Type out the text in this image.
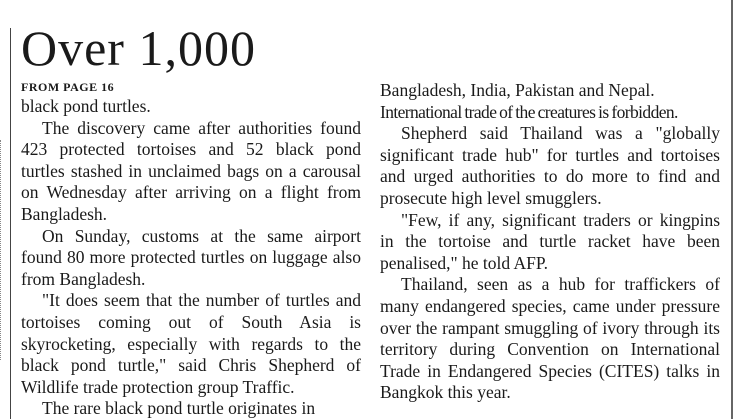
Over 1,000
FROM PAGE 16

black pond turtles.

The discovery came after authorities found 423 protected tortoises and 52 black pond turtles stashed in unclaimed bags on a carousal on Wednesday after arriving on a flight from Bangladesh.

On Sunday, customs at the same airport found 80 more protected turtles on luggage also from Bangladesh.

"It does seem that the number of turtles and tortoises coming out of South Asia is skyrocketing, especially with regards to the black pond turtle," said Chris Shepherd of Wildlife trade protection group Traffic.

The rare black pond turtle originates in

Bangladesh, India, Pakistan and Nepal.

International trade of the creatures is forbidden.

Shepherd said Thailand was a "globally significant trade hub" for turtles and tortoises and urged authorities to do more to find and prosecute high level smugglers.

"Few, if any, significant traders or kingpins in the tortoise and turtle racket have been penalised," he told AFP.

Thailand, seen as a hub for traffickers of many endangered species, came under pressure over the rampant smuggling of ivory through its territory during Convention on International Trade in Endangered Species (CITES) talks in Bangkok this year.
